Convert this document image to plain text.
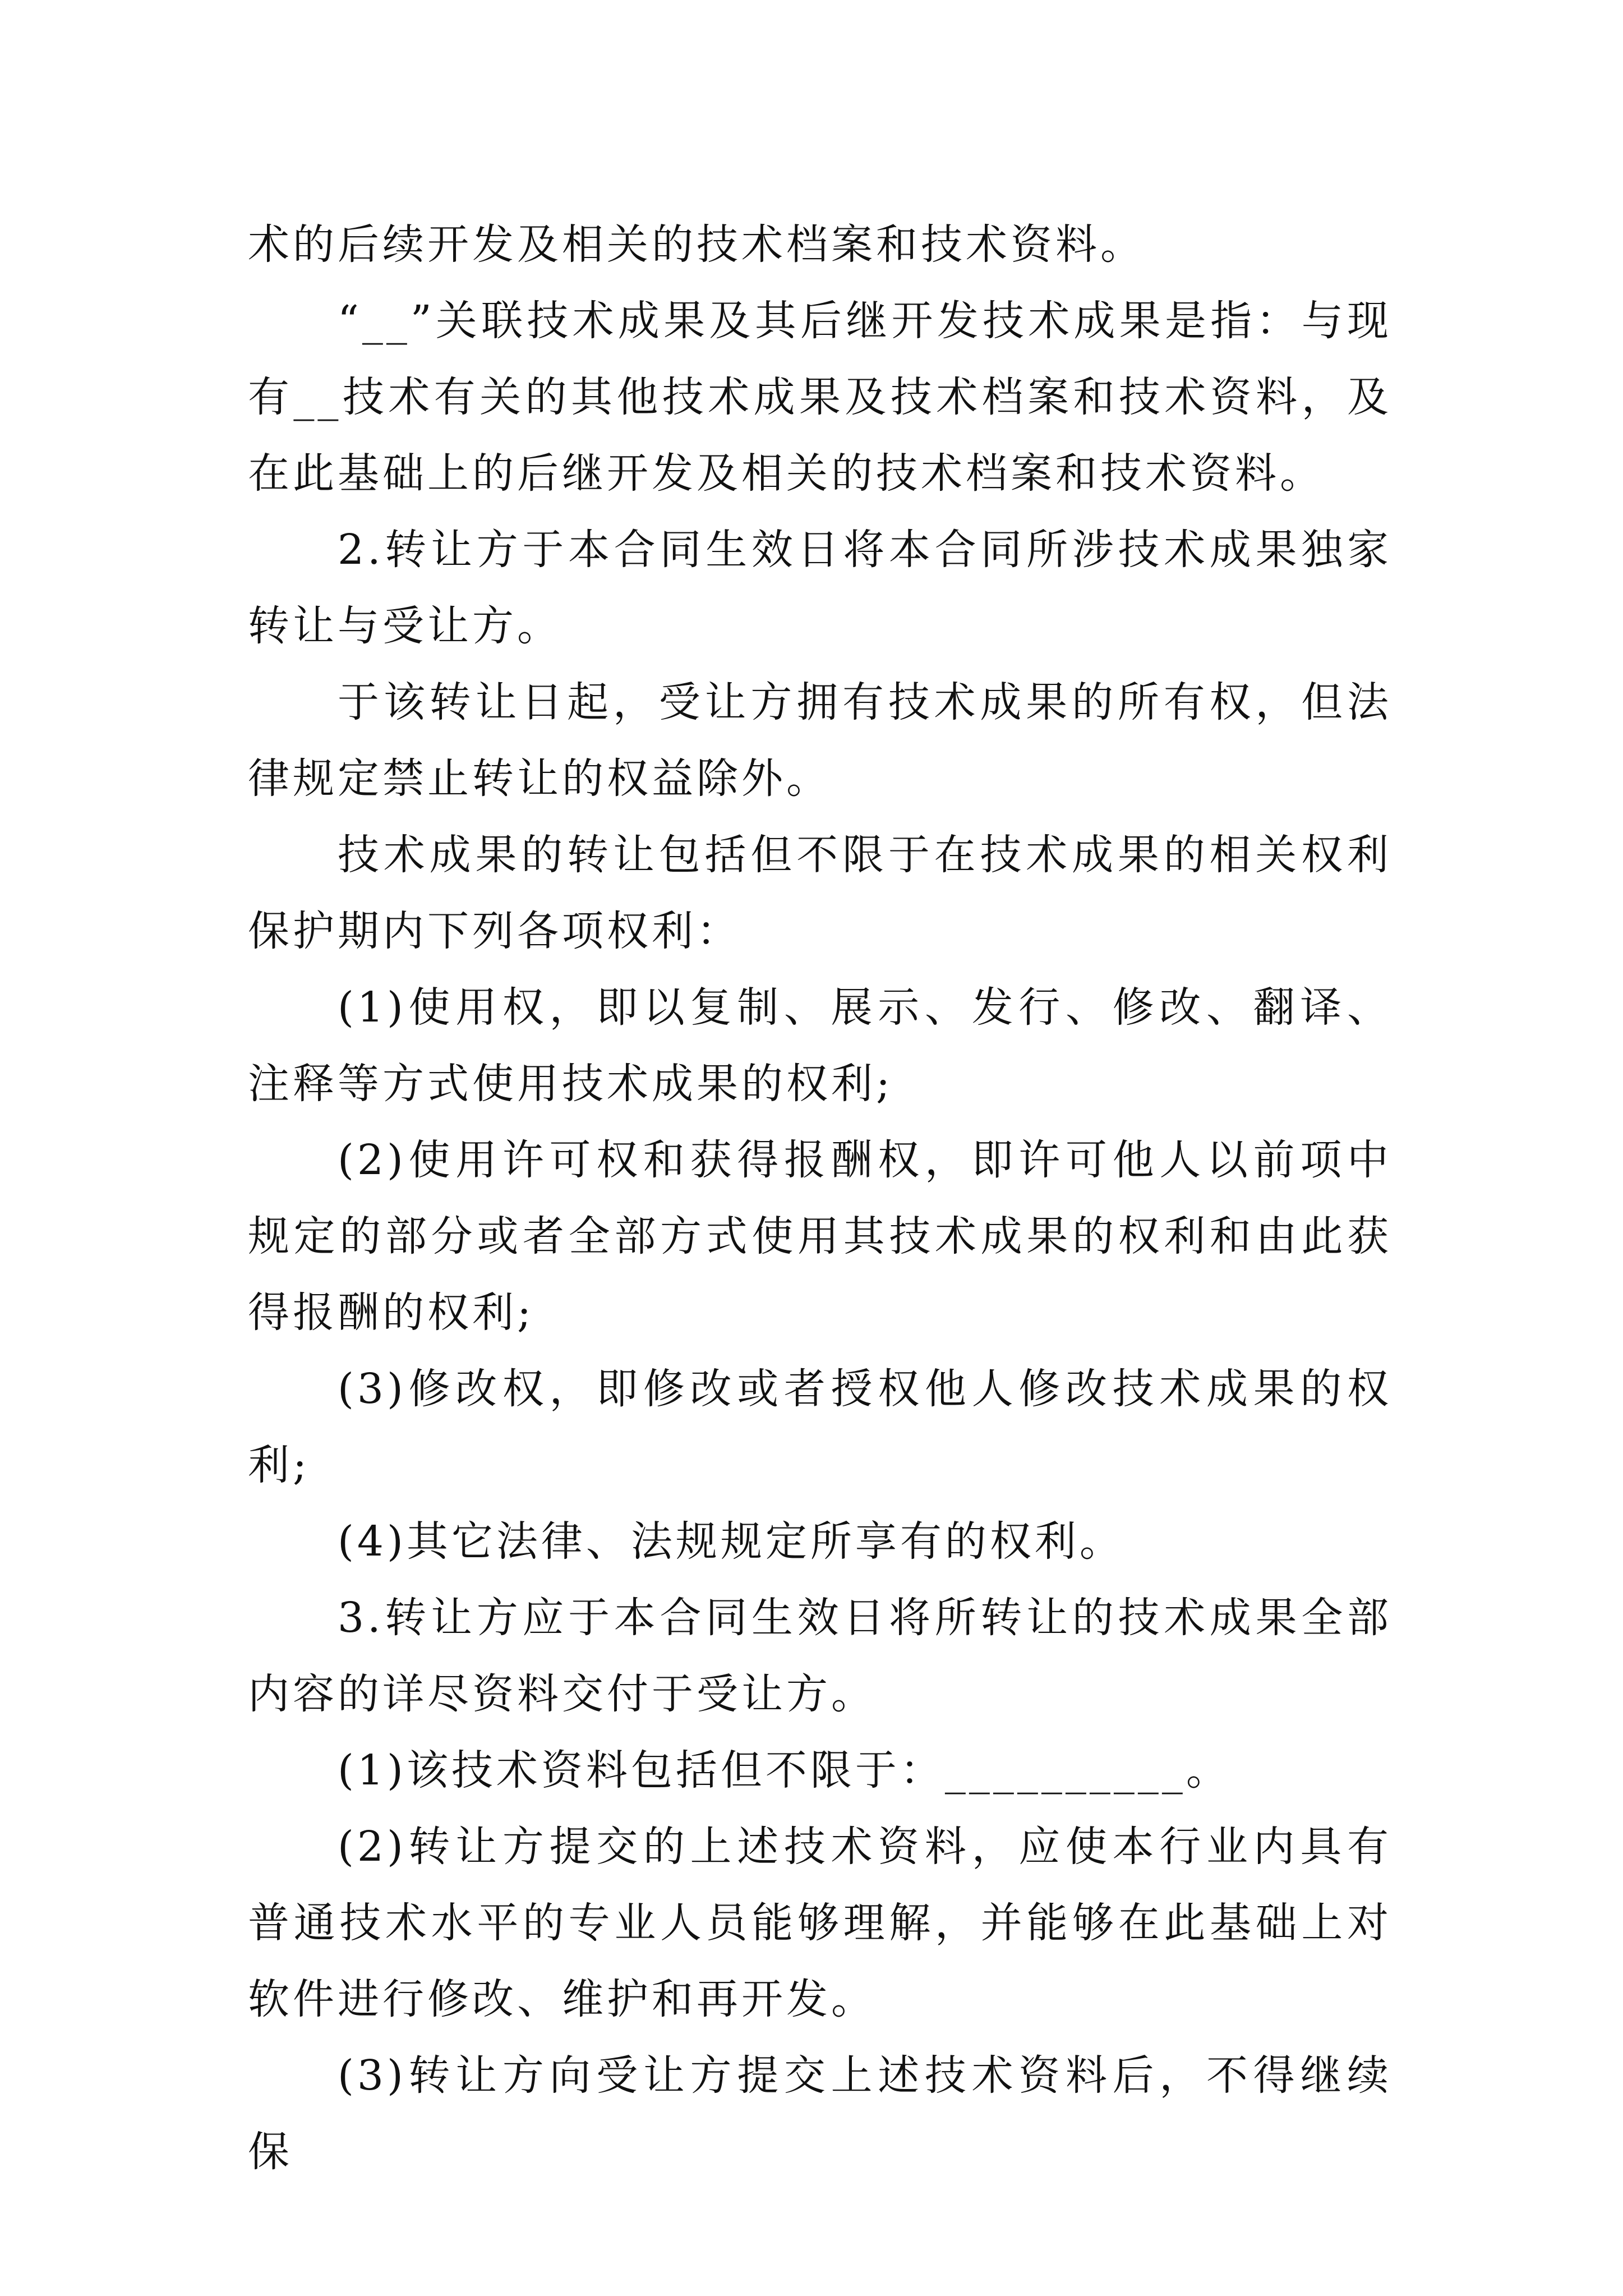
术的后续开发及相关的技术档案和技术资料。

“__”关联技术成果及其后继开发技术成果是指：与现有__技术有关的其他技术成果及技术档案和技术资料，及在此基础上的后继开发及相关的技术档案和技术资料。

2.转让方于本合同生效日将本合同所涉技术成果独家转让与受让方。

于该转让日起，受让方拥有技术成果的所有权，但法律规定禁止转让的权益除外。

技术成果的转让包括但不限于在技术成果的相关权利保护期内下列各项权利：

(1)使用权，即以复制、展示、发行、修改、翻译、注释等方式使用技术成果的权利;

(2)使用许可权和获得报酬权，即许可他人以前项中规定的部分或者全部方式使用其技术成果的权利和由此获得报酬的权利;

(3)修改权，即修改或者授权他人修改技术成果的权利;

(4)其它法律、法规规定所享有的权利。

3.转让方应于本合同生效日将所转让的技术成果全部内容的详尽资料交付于受让方。

(1)该技术资料包括但不限于：__________。

(2)转让方提交的上述技术资料，应使本行业内具有普通技术水平的专业人员能够理解，并能够在此基础上对软件进行修改、维护和再开发。

(3)转让方向受让方提交上述技术资料后，不得继续保
